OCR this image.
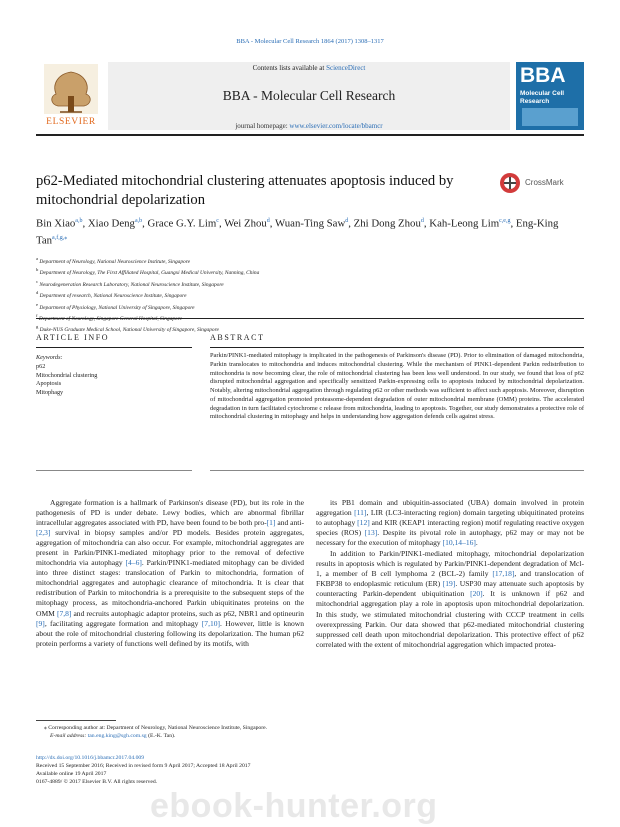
BBA - Molecular Cell Research 1864 (2017) 1308–1317
ELSEVIER
Contents lists available at ScienceDirect
BBA - Molecular Cell Research
journal homepage: www.elsevier.com/locate/bbamcr
BBA
Molecular Cell Research
p62-Mediated mitochondrial clustering attenuates apoptosis induced by mitochondrial depolarization
CrossMark
Bin Xiao$^{a,b}$, Xiao Deng$^{a,b}$, Grace G.Y. Lim$^c$, Wei Zhou$^d$, Wuan-Ting Saw$^d$, Zhi Dong Zhou$^d$, Kah-Leong Lim$^{c,e,g}$, Eng-King Tan$^{a,f,g,⁎}$
$^a$ Department of Neurology, National Neuroscience Institute, Singapore
$^b$ Department of Neurology, The First Affiliated Hospital, Guangxi Medical University, Nanning, China
$^c$ Neurodegeneration Research Laboratory, National Neuroscience Institute, Singapore
$^d$ Department of research, National Neuroscience Institute, Singapore
$^e$ Department of Physiology, National University of Singapore, Singapore
$^f$
$^g$ Duke-NUS Graduate Medical School, National University of Singapore, Singapore
ARTICLE INFO	ABSTRACT
Keywords:
p62
Mitochondrial clustering
Apoptosis
Mitophagy
Parkin/PINK1-mediated mitophagy is implicated in the pathogenesis of Parkinson's disease (PD). Prior to elimination of damaged mitochondria, Parkin translocates to mitochondria and induces mitochondrial clustering. While the mechanism of PINK1-dependent Parkin redistribution to mitochondria is now becoming clear, the role of mitochondrial clustering has been less well understood. In our study, we found that loss of p62 disrupted mitochondrial aggregation and specifically sensitized Parkin-expressing cells to apoptosis induced by mitochondrial depolarization. Notably, altering mitochondrial aggregation through regulating p62 or other methods was sufficient to affect such apoptosis. Moreover, disruption of mitochondrial aggregation promoted proteasome-dependent degradation of outer mitochondrial membrane (OMM) proteins. The accelerated degradation in turn facilitated cytochrome c release from mitochondria, leading to apoptosis. Together, our study demonstrates a protective role of mitochondrial clustering in mitophagy and helps in understanding how aggregation defends cells against stress.

Aggregate formation is a hallmark of Parkinson's disease (PD), but its role in the pathogenesis of PD is under debate. Lewy bodies, which are abnormal fibrillar intracellular aggregates associated with PD, have been found to be both pro-[1] and anti-[2,3] survival in biopsy samples and/or PD models. Besides protein aggregates, aggregation of mitochondria can also occur. For example, mitochondrial aggregates are present in Parkin/PINK1-mediated mitophagy prior to the removal of defective mitochondria via autophagy [4–6]. Parkin/PINK1-mediated mitophagy can be divided into three distinct stages: translocation of Parkin to mitochondria, formation of mitochondrial aggregates and autophagic clearance of mitochondria. It is clear that redistribution of Parkin to mitochondria is a prerequisite to the subsequent steps of the mitophagy process, as mitochondria-anchored Parkin ubiquitinates proteins on the OMM [7,8] and recruits autophagic adaptor proteins, such as p62, NBR1 and optineurin [9], facilitating aggregate formation and mitophagy [7,10]. However, little is known about the role of mitochondrial clustering following its depolarization. The human p62 protein performs a variety of functions well defined by its motifs, with

its PB1 domain and ubiquitin-associated (UBA) domain involved in protein aggregation [11], LIR (LC3-interacting region) domain targeting ubiquitinated proteins to autophagy [12] and KIR (KEAP1 interacting region) motif regulating reactive oxygen species (ROS) [13]. Despite its pivotal role in autophagy, p62 may or may not be necessary for the execution of mitophagy [10,14–16].

In addition to Parkin/PINK1-mediated mitophagy, mitochondrial depolarization results in apoptosis which is regulated by Parkin/PINK1-dependent degradation of Mcl-1, a member of B cell lymphoma 2 (BCL-2) family [17,18], and translocation of FKBP38 to endoplasmic reticulum (ER) [19]. USP30 may attenuate such apoptosis by counteracting Parkin-dependent ubiquitination [20]. It is unknown if p62 and mitochondrial aggregation play a role in apoptosis upon mitochondrial depolarization. In this study, we stimulated mitochondrial clustering with CCCP treatment in cells overexpressing Parkin. Our data showed that p62-mediated mitochondrial clustering suppressed cell death upon mitochondrial depolarization. This protective effect of p62 correlated with the extent of mitochondrial aggregation which impacted protea-

⁎ Corresponding author at: Department of Neurology, National Neuroscience Institute, Singapore.
E-mail address: tan.eng.king@sgh.com.sg (E.-K. Tan).
http://dx.doi.org/10.1016/j.bbamcr.2017.04.009
Received 15 September 2016; Received in revised form 9 April 2017; Accepted 18 April 2017
Available online 19 April 2017
0167-4889/ © 2017 Elsevier B.V. All rights reserved.
ebook-hunter.org
